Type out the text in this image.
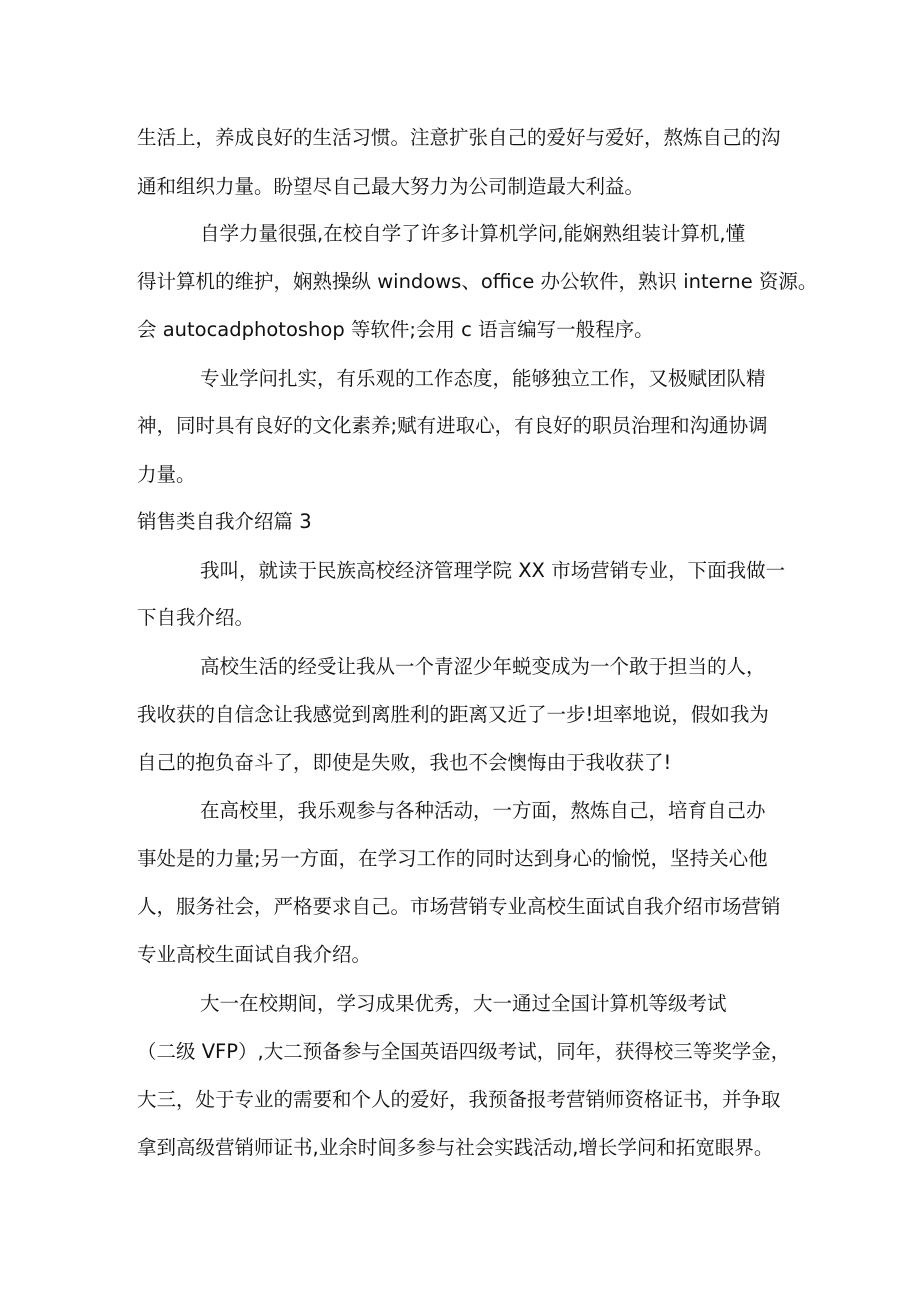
生活上，养成良好的生活习惯。注意扩张自己的爱好与爱好，熬炼自己的沟

通和组织力量。盼望尽自己最大努力为公司制造最大利益。

自学力量很强,在校自学了许多计算机学问,能娴熟组装计算机,懂

得计算机的维护，娴熟操纵 windows、office 办公软件，熟识 interne 资源。

会 autocadphotoshop 等软件;会用 c 语言编写一般程序。

专业学问扎实，有乐观的工作态度，能够独立工作，又极赋团队精

神，同时具有良好的文化素养;赋有进取心，有良好的职员治理和沟通协调

力量。

销售类自我介绍篇 3

我叫，就读于民族高校经济管理学院 XX 市场营销专业，下面我做一

下自我介绍。

高校生活的经受让我从一个青涩少年蜕变成为一个敢于担当的人，

我收获的自信念让我感觉到离胜利的距离又近了一步!坦率地说，假如我为

自己的抱负奋斗了，即使是失败，我也不会懊悔由于我收获了!

在高校里，我乐观参与各种活动，一方面，熬炼自己，培育自己办

事处是的力量;另一方面，在学习工作的同时达到身心的愉悦，坚持关心他

人，服务社会，严格要求自己。市场营销专业高校生面试自我介绍市场营销

专业高校生面试自我介绍。

大一在校期间，学习成果优秀，大一通过全国计算机等级考试

（二级 VFP）,大二预备参与全国英语四级考试，同年，获得校三等奖学金，

大三，处于专业的需要和个人的爱好，我预备报考营销师资格证书，并争取

拿到高级营销师证书,业余时间多参与社会实践活动,增长学问和拓宽眼界。
